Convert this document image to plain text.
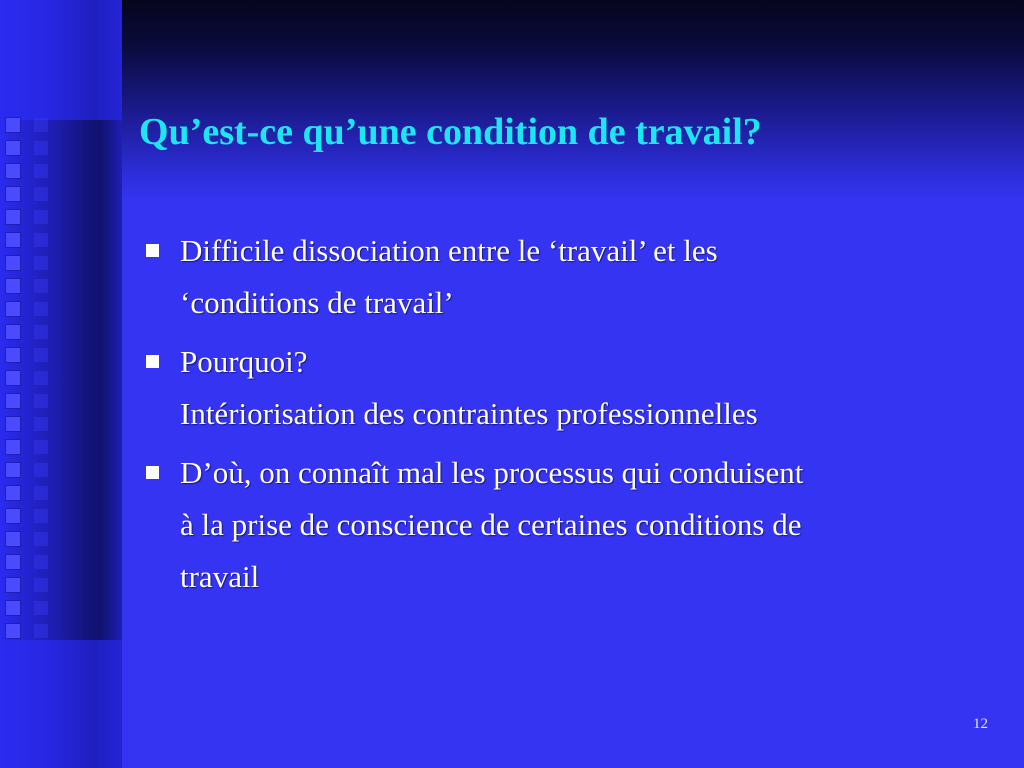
Qu’est-ce qu’une condition de travail?
Difficile dissociation entre le ‘travail’ et les
‘conditions de travail’
Pourquoi?
Intériorisation des contraintes professionnelles
D’où, on connaît mal les processus qui conduisent
à la prise de conscience de certaines conditions de
travail
12
